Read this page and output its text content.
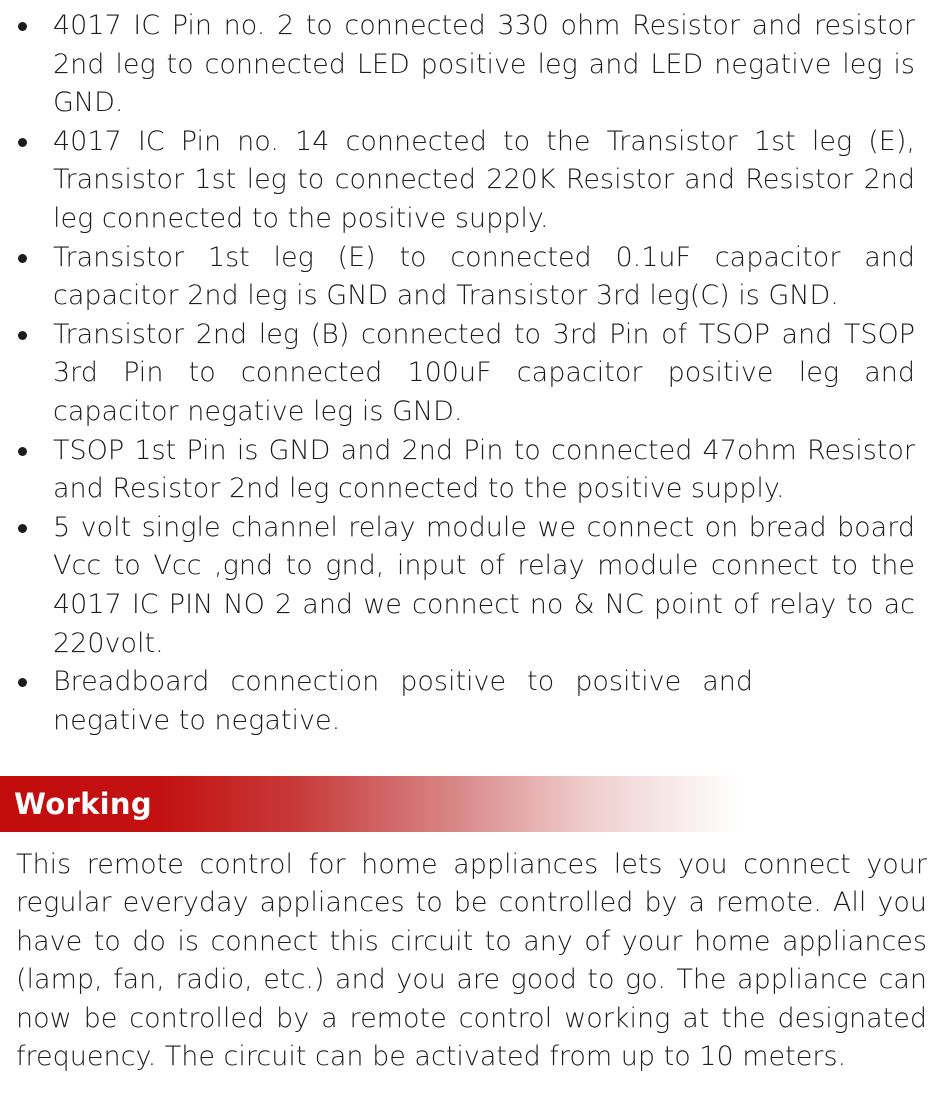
4017 IC Pin no. 2 to connected 330 ohm Resistor and resistor 2nd leg to connected LED positive leg and LED negative leg is GND.
4017 IC Pin no. 14 connected to the Transistor 1st leg (E), Transistor 1st leg to connected 220K Resistor and Resistor 2nd leg connected to the positive supply.
Transistor 1st leg (E) to connected 0.1uF capacitor and capacitor 2nd leg is GND and Transistor 3rd leg(C) is GND.
Transistor 2nd leg (B) connected to 3rd Pin of TSOP and TSOP 3rd Pin to connected 100uF capacitor positive leg and capacitor negative leg is GND.
TSOP 1st Pin is GND and 2nd Pin to connected 47ohm Resistor and Resistor 2nd leg connected to the positive supply.
5 volt single channel relay module we connect on bread board Vcc to Vcc ,gnd to gnd, input of relay module connect to the 4017 IC PIN NO 2 and we connect no & NC point of relay to ac 220volt.
Breadboard connection positive to positive and negative to negative.
Working

This remote control for home appliances lets you connect your regular everyday appliances to be controlled by a remote. All you have to do is connect this circuit to any of your home appliances (lamp, fan, radio, etc.) and you are good to go. The appliance can now be controlled by a remote control working at the designated frequency. The circuit can be activated from up to 10 meters.
